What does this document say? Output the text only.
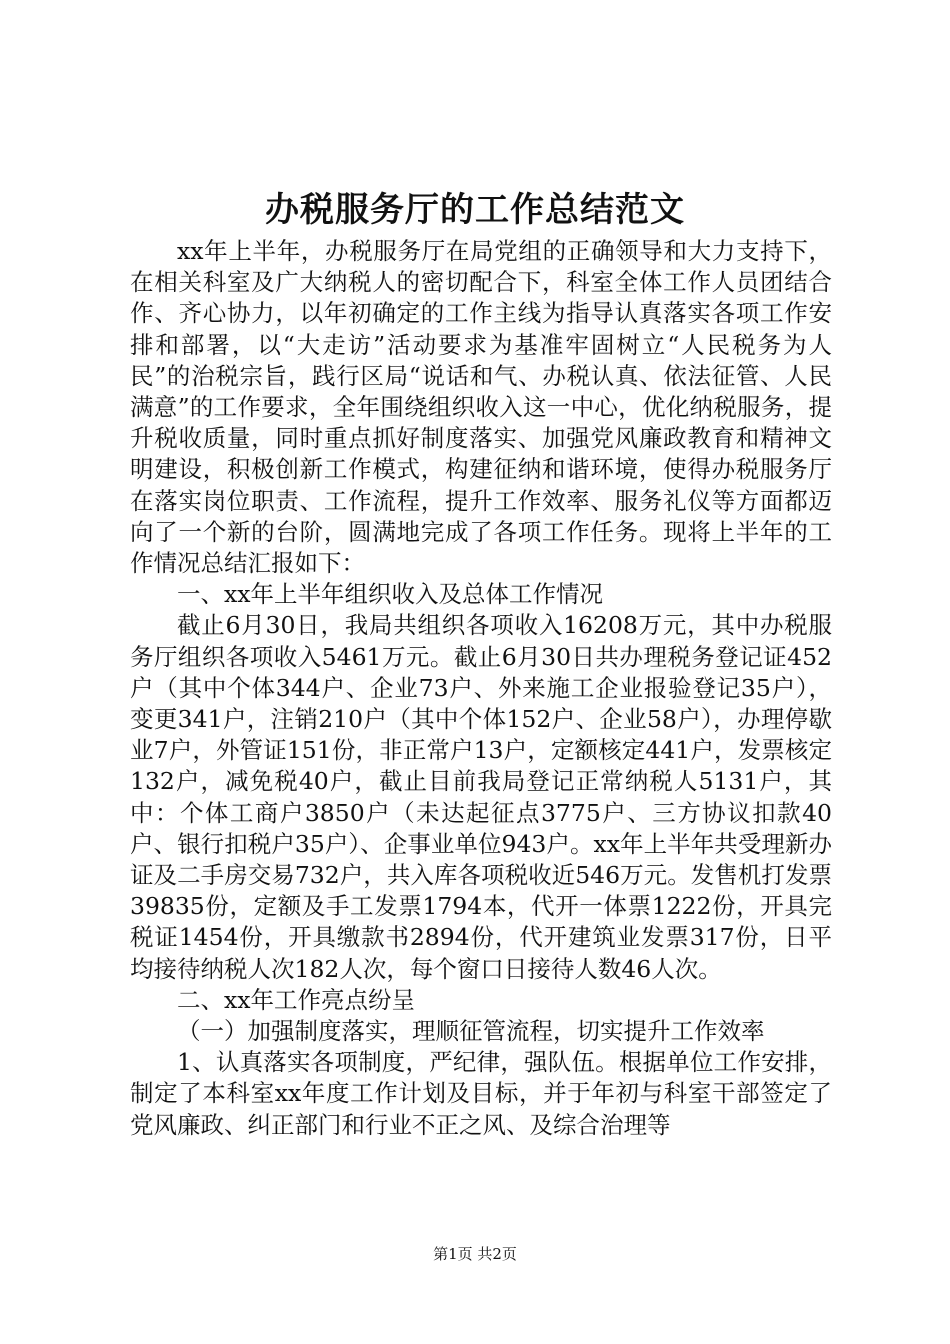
办税服务厅的工作总结范文

xx年上半年，办税服务厅在局党组的正确领导和大力支持下，在相关科室及广大纳税人的密切配合下，科室全体工作人员团结合作、齐心协力，以年初确定的工作主线为指导认真落实各项工作安排和部署，以“大走访”活动要求为基准牢固树立“人民税务为人民”的治税宗旨，践行区局“说话和气、办税认真、依法征管、人民满意”的工作要求，全年围绕组织收入这一中心，优化纳税服务，提升税收质量，同时重点抓好制度落实、加强党风廉政教育和精神文明建设，积极创新工作模式，构建征纳和谐环境，使得办税服务厅在落实岗位职责、工作流程，提升工作效率、服务礼仪等方面都迈向了一个新的台阶，圆满地完成了各项工作任务。现将上半年的工作情况总结汇报如下：

一、xx年上半年组织收入及总体工作情况

截止6月30日，我局共组织各项收入16208万元，其中办税服务厅组织各项收入5461万元。截止6月30日共办理税务登记证452户（其中个体344户、企业73户、外来施工企业报验登记35户），变更341户，注销210户（其中个体152户、企业58户），办理停歇业7户，外管证151份，非正常户13户，定额核定441户，发票核定132户，减免税40户，截止目前我局登记正常纳税人5131户，其中：个体工商户3850户（未达起征点3775户、三方协议扣款40户、银行扣税户35户）、企事业单位943户。xx年上半年共受理新办证及二手房交易732户，共入库各项税收近546万元。发售机打发票39835份，定额及手工发票1794本，代开一体票1222份，开具完税证1454份，开具缴款书2894份，代开建筑业发票317份，日平均接待纳税人次182人次，每个窗口日接待人数46人次。

二、xx年工作亮点纷呈

（一）加强制度落实，理顺征管流程，切实提升工作效率

1、认真落实各项制度，严纪律，强队伍。根据单位工作安排，制定了本科室xx年度工作计划及目标，并于年初与科室干部签定了党风廉政、纠正部门和行业不正之风、及综合治理等

第1页 共2页
